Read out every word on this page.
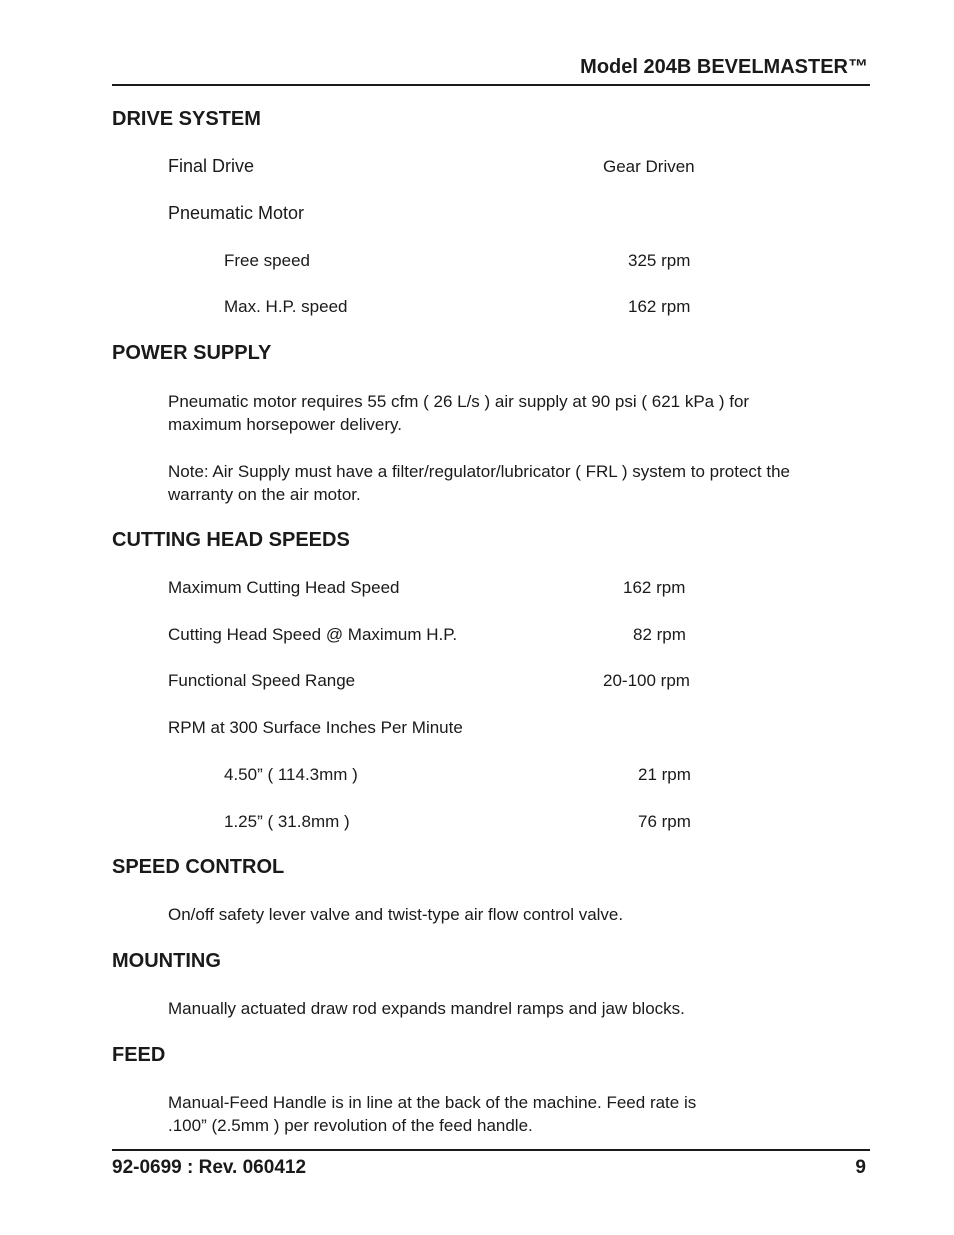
Model 204B BEVELMASTER™
DRIVE SYSTEM
Final Drive	Gear Driven
Pneumatic Motor
Free speed	325 rpm
Max. H.P. speed	162 rpm
POWER SUPPLY
Pneumatic motor requires 55 cfm ( 26 L/s ) air supply at 90 psi ( 621 kPa ) for
maximum horsepower delivery.
Note: Air Supply must have a filter/regulator/lubricator ( FRL ) system to protect the
warranty on the air motor.
CUTTING HEAD SPEEDS
Maximum Cutting Head Speed	162 rpm
Cutting Head Speed @ Maximum H.P.	82 rpm
Functional Speed Range	20-100 rpm
RPM at 300 Surface Inches Per Minute
4.50” ( 114.3mm )	21 rpm
1.25” ( 31.8mm )	76 rpm
SPEED CONTROL
On/off safety lever valve and twist-type air flow control valve.
MOUNTING
Manually actuated draw rod expands mandrel ramps and jaw blocks.
FEED
Manual-Feed Handle is in line at the back of the machine. Feed rate is
.100” (2.5mm ) per revolution of the feed handle.
92-0699 : Rev. 060412	9
